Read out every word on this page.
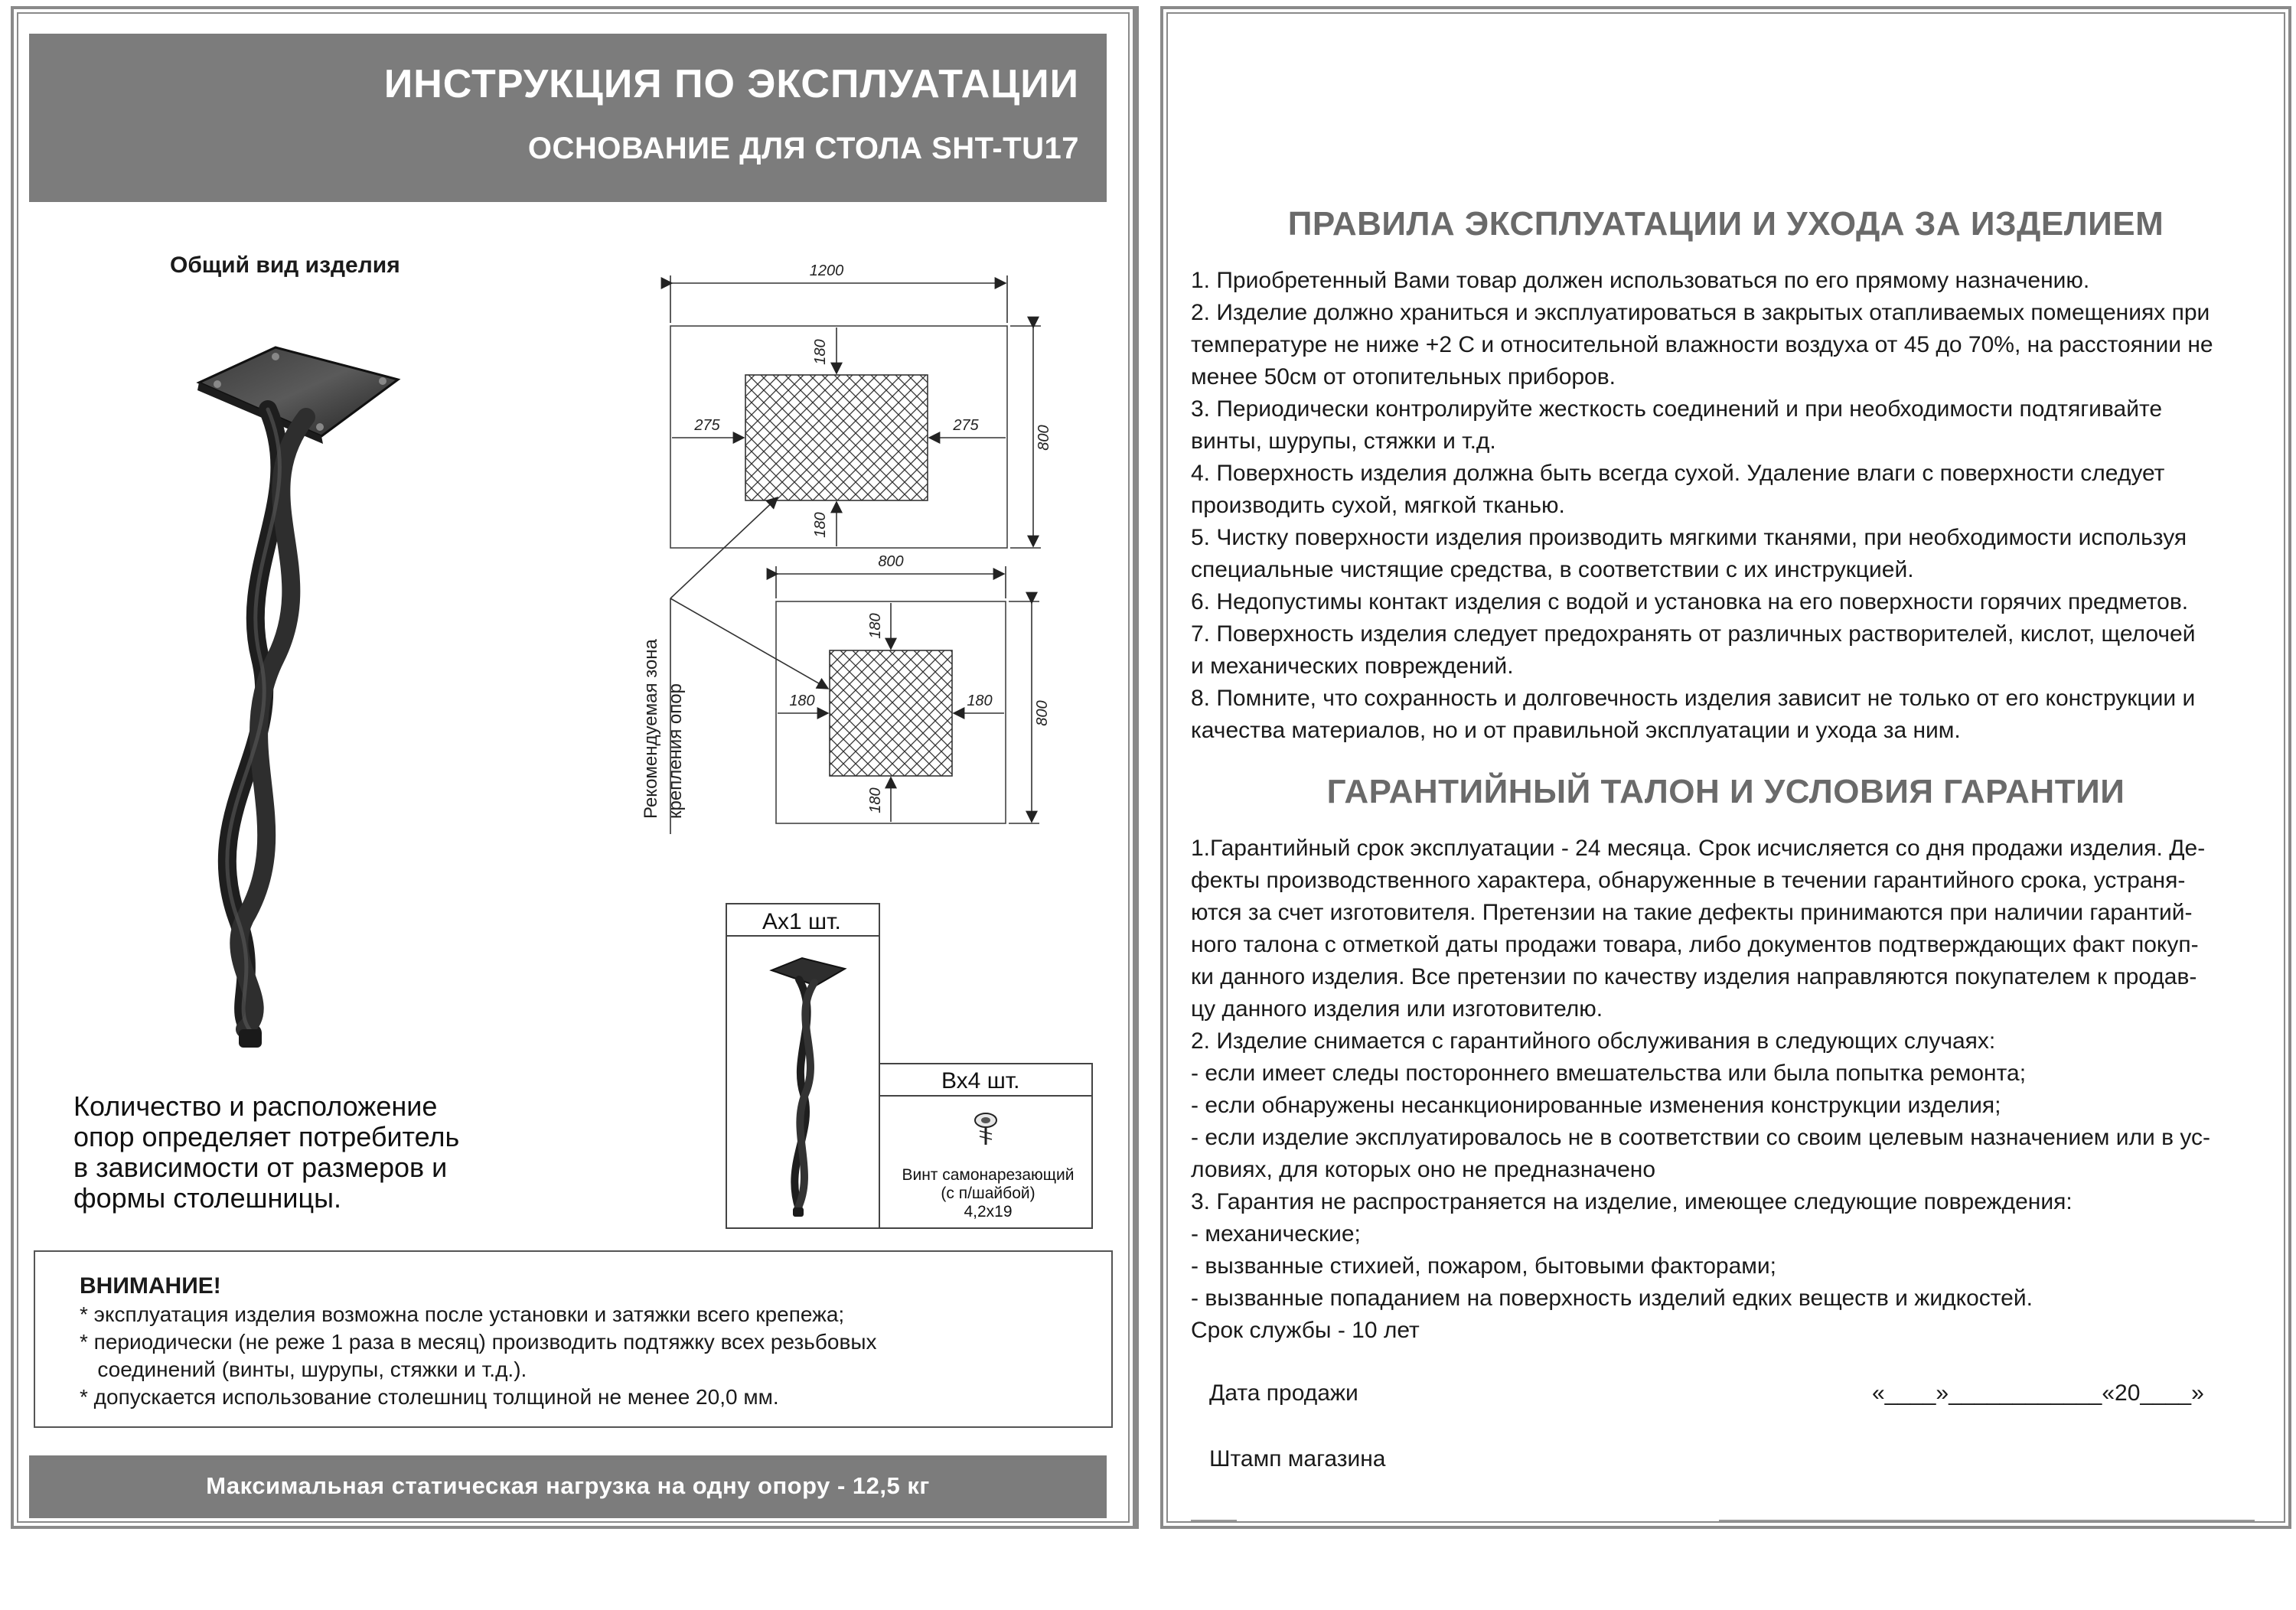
ИНСТРУКЦИЯ ПО ЭКСПЛУАТАЦИИ
ОСНОВАНИЕ ДЛЯ СТОЛА SHT-TU17
Общий вид изделия	1200
800
180
180
275	275
800
800
180
180
180	180
Рекомендуемая зона крепления опор
Количество и расположение
опор определяет потребитель
в зависимости от размеров и
формы столешницы.
Ах1 шт.
Вх4 шт.
Винт самонарезающий
(с п/шайбой)
4,2х19
ВНИМАНИЕ!
* эксплуатация изделия возможна после установки и затяжки всего крепежа;
* периодически (не реже 1 раза в месяц) производить подтяжку всех резьбовых
соединений (винты, шурупы, стяжки и т.д.).
* допускается использование столешниц толщиной не менее 20,0 мм.
Максимальная статическая нагрузка на одну опору - 12,5 кг
ПРАВИЛА ЭКСПЛУАТАЦИИ И УХОДА ЗА ИЗДЕЛИЕМ
1. Приобретенный Вами товар должен использоваться по его прямому назначению.
2. Изделие должно храниться и эксплуатироваться в закрытых отапливаемых помещениях при
температуре не ниже +2 С и относительной влажности воздуха от 45 до 70%, на расстоянии не
менее 50см от отопительных приборов.
3. Периодически контролируйте жесткость соединений и при необходимости подтягивайте
винты, шурупы, стяжки и т.д.
4. Поверхность изделия должна быть всегда сухой. Удаление влаги с поверхности следует
производить сухой, мягкой тканью.
5. Чистку поверхности изделия производить мягкими тканями, при необходимости используя
специальные чистящие средства, в соответствии с их инструкцией.
6. Недопустимы контакт изделия с водой и установка на его поверхности горячих предметов.
7. Поверхность изделия следует предохранять от различных растворителей, кислот, щелочей
и механических повреждений.
8. Помните, что сохранность и долговечность изделия зависит не только от его конструкции и
качества материалов, но и от правильной эксплуатации и ухода за ним.
ГАРАНТИЙНЫЙ ТАЛОН И УСЛОВИЯ ГАРАНТИИ
1.Гарантийный срок эксплуатации - 24 месяца. Срок исчисляется со дня продажи изделия. Де-
фекты производственного характера, обнаруженные в течении гарантийного срока, устраня-
ются за счет изготовителя. Претензии на такие дефекты принимаются при наличии гарантий-
ного талона с отметкой даты продажи товара, либо документов подтверждающих факт покуп-
ки данного изделия. Все претензии по качеству изделия направляются покупателем к продав-
цу данного изделия или изготовителю.
2. Изделие снимается с гарантийного обслуживания в следующих случаях:
- если имеет следы постороннего вмешательства или была попытка ремонта;
- если обнаружены несанкционированные изменения конструкции изделия;
- если изделие эксплуатировалось не в соответствии со своим целевым назначением или в ус-
ловиях, для которых оно не предназначено
3. Гарантия не распространяется на изделие, имеющее следующие повреждения:
- механические;
- вызванные стихией, пожаром, бытовыми факторами;
- вызванные попаданием на поверхность изделий едких веществ и жидкостей.
Срок службы - 10 лет
Дата продажи	«____»____________«20____»
Штамп магазина
